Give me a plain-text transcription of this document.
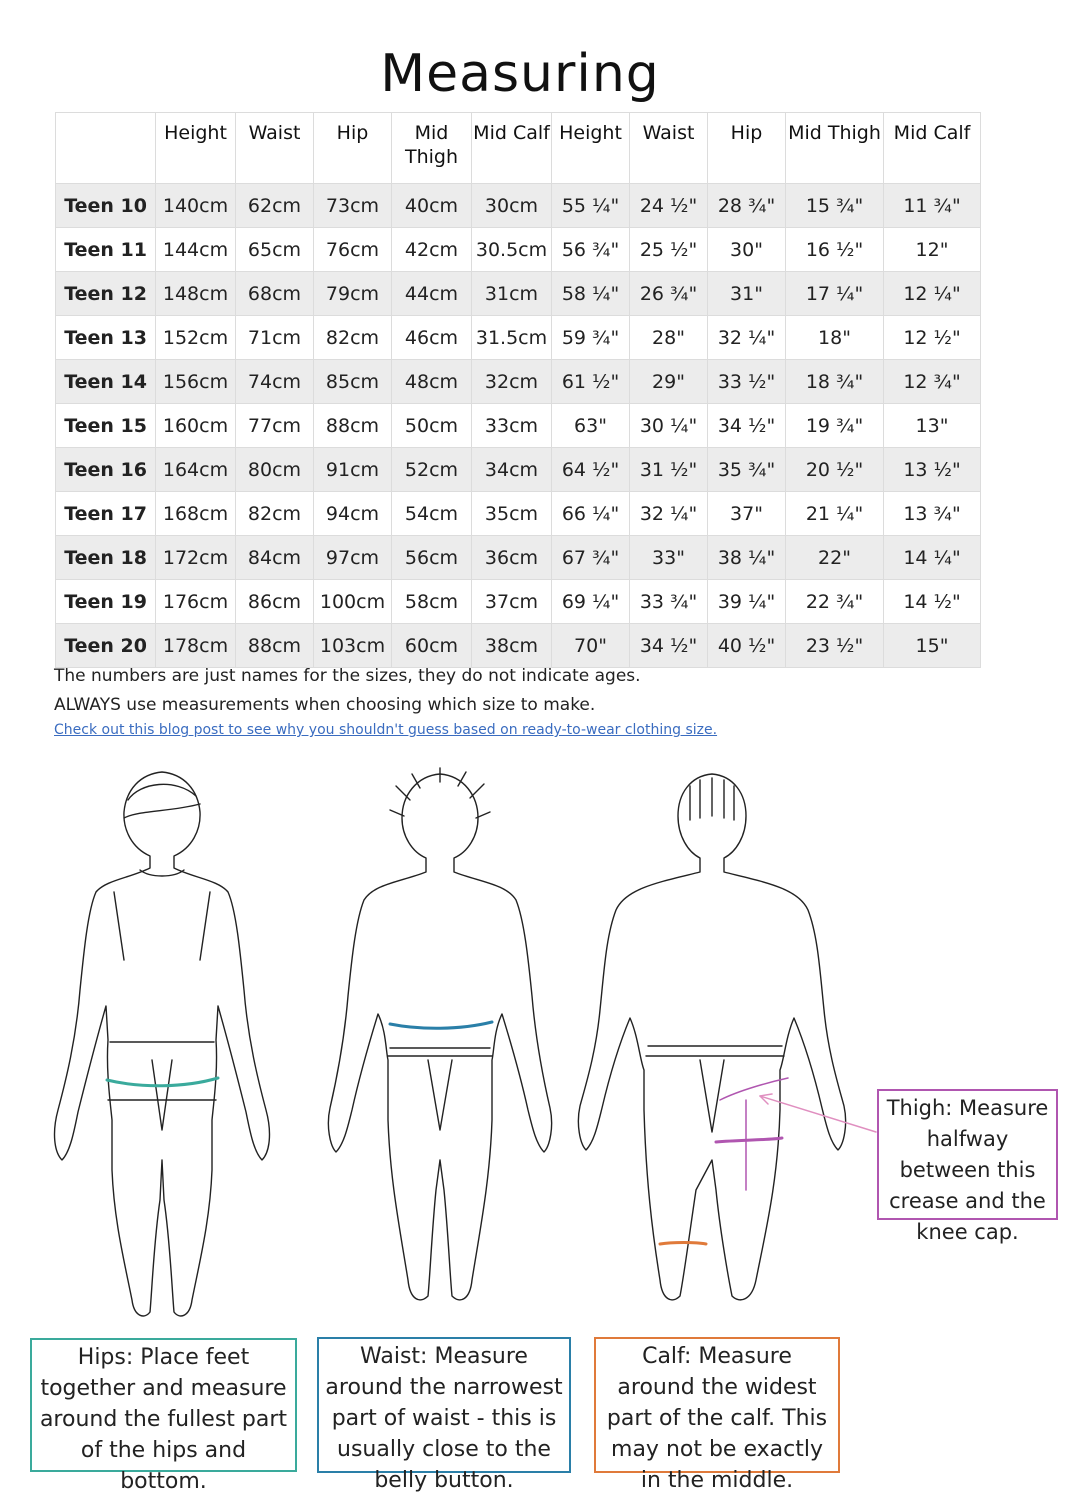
Measuring
	Height	Waist	Hip	Mid Thigh	Mid Calf	Height	Waist	Hip	Mid Thigh	Mid Calf
Teen 10	140cm	62cm	73cm	40cm	30cm	55 ¼"	24 ½"	28 ¾"	15 ¾"	11 ¾"
Teen 11	144cm	65cm	76cm	42cm	30.5cm	56 ¾"	25 ½"	30"	16 ½"	12"
Teen 12	148cm	68cm	79cm	44cm	31cm	58 ¼"	26 ¾"	31"	17 ¼"	12 ¼"
Teen 13	152cm	71cm	82cm	46cm	31.5cm	59 ¾"	28"	32 ¼"	18"	12 ½"
Teen 14	156cm	74cm	85cm	48cm	32cm	61 ½"	29"	33 ½"	18 ¾"	12 ¾"
Teen 15	160cm	77cm	88cm	50cm	33cm	63"	30 ¼"	34 ½"	19 ¾"	13"
Teen 16	164cm	80cm	91cm	52cm	34cm	64 ½"	31 ½"	35 ¾"	20 ½"	13 ½"
Teen 17	168cm	82cm	94cm	54cm	35cm	66 ¼"	32 ¼"	37"	21 ¼"	13 ¾"
Teen 18	172cm	84cm	97cm	56cm	36cm	67 ¾"	33"	38 ¼"	22"	14 ¼"
Teen 19	176cm	86cm	100cm	58cm	37cm	69 ¼"	33 ¾"	39 ¼"	22 ¾"	14 ½"
Teen 20	178cm	88cm	103cm	60cm	38cm	70"	34 ½"	40 ½"	23 ½"	15"
The numbers are just names for the sizes, they do not indicate ages.
ALWAYS use measurements when choosing which size to make.
Check out this blog post to see why you shouldn't guess based on ready-to-wear clothing size.
Hips: Place feet together and measure around the fullest part of the hips and bottom.
Waist: Measure around the narrowest part of waist - this is usually close to the belly button.
Calf: Measure around the widest part of the calf. This may not be exactly in the middle.
Thigh: Measure halfway between this crease and the knee cap.
